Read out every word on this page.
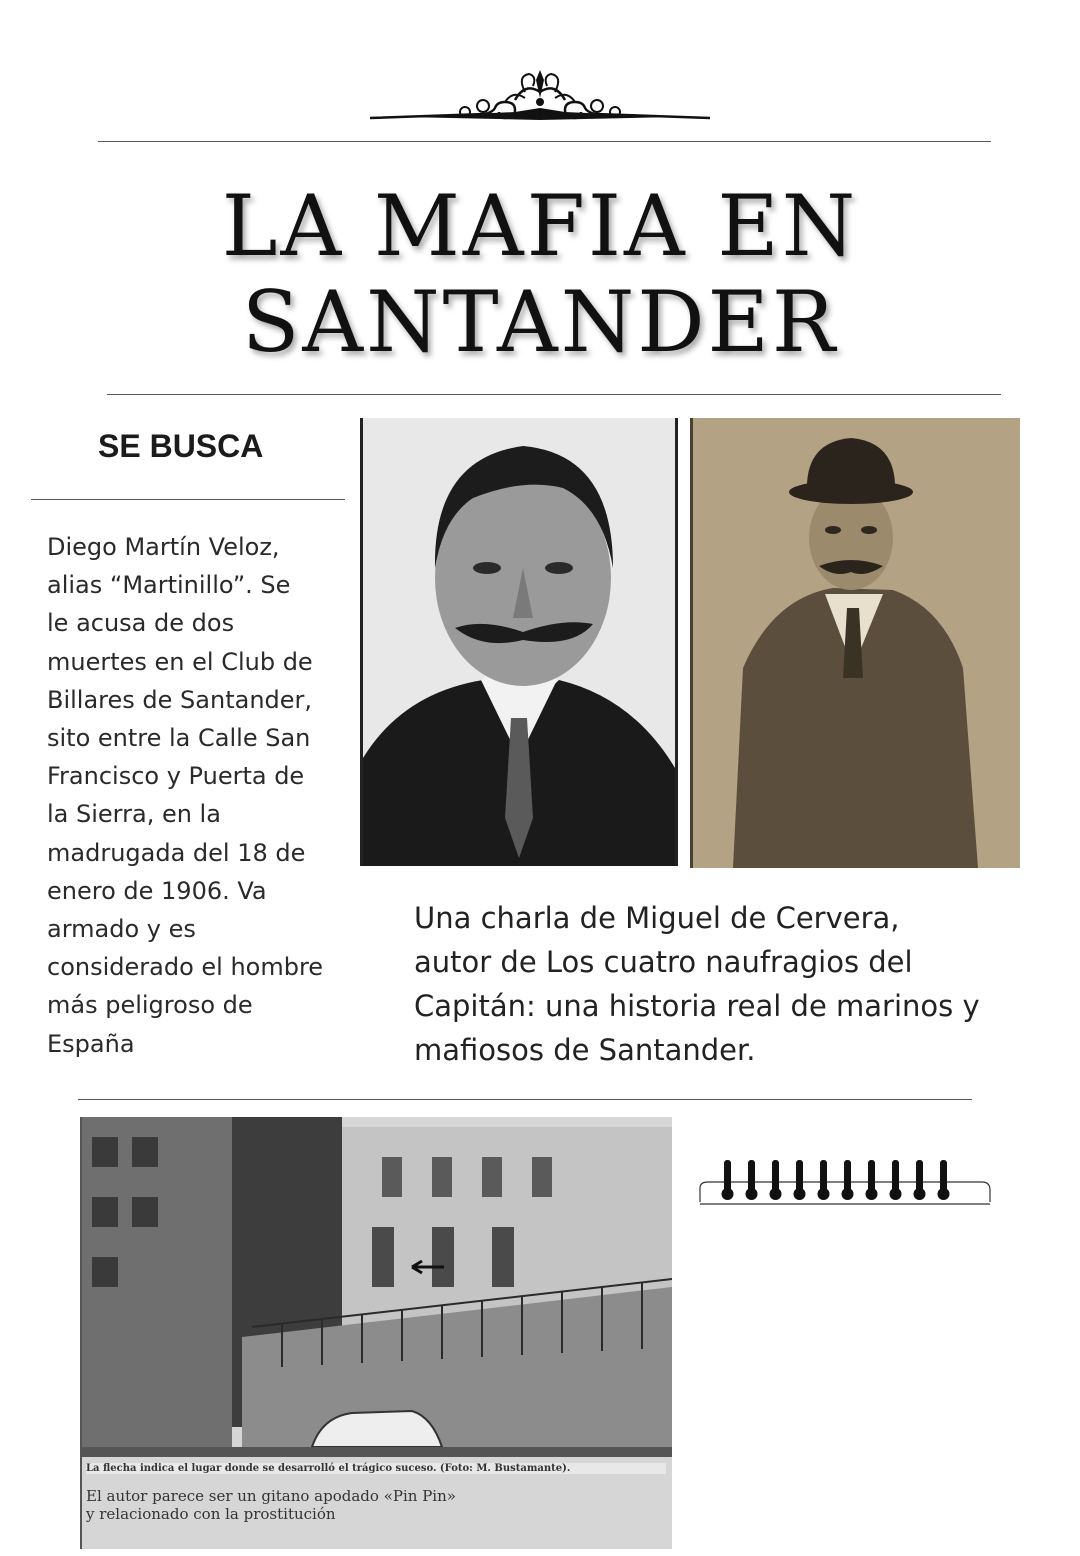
LA MAFIA EN
SANTANDER
SE BUSCA
Diego Martín Veloz,
alias “Martinillo”. Se
le acusa de dos
muertes en el Club de
Billares de Santander,
sito entre la Calle San
Francisco y Puerta de
la Sierra, en la
madrugada del 18 de
enero de 1906. Va
armado y es
considerado el hombre
más peligroso de
España
Una charla de Miguel de Cervera,
autor de Los cuatro naufragios del
Capitán: una historia real de marinos y
mafiosos de Santander.
La flecha indica el lugar donde se desarrolló el trágico suceso. (Foto: M. Bustamante).
El autor parece ser un gitano apodado «Pin Pin»
y relacionado con la prostitución
